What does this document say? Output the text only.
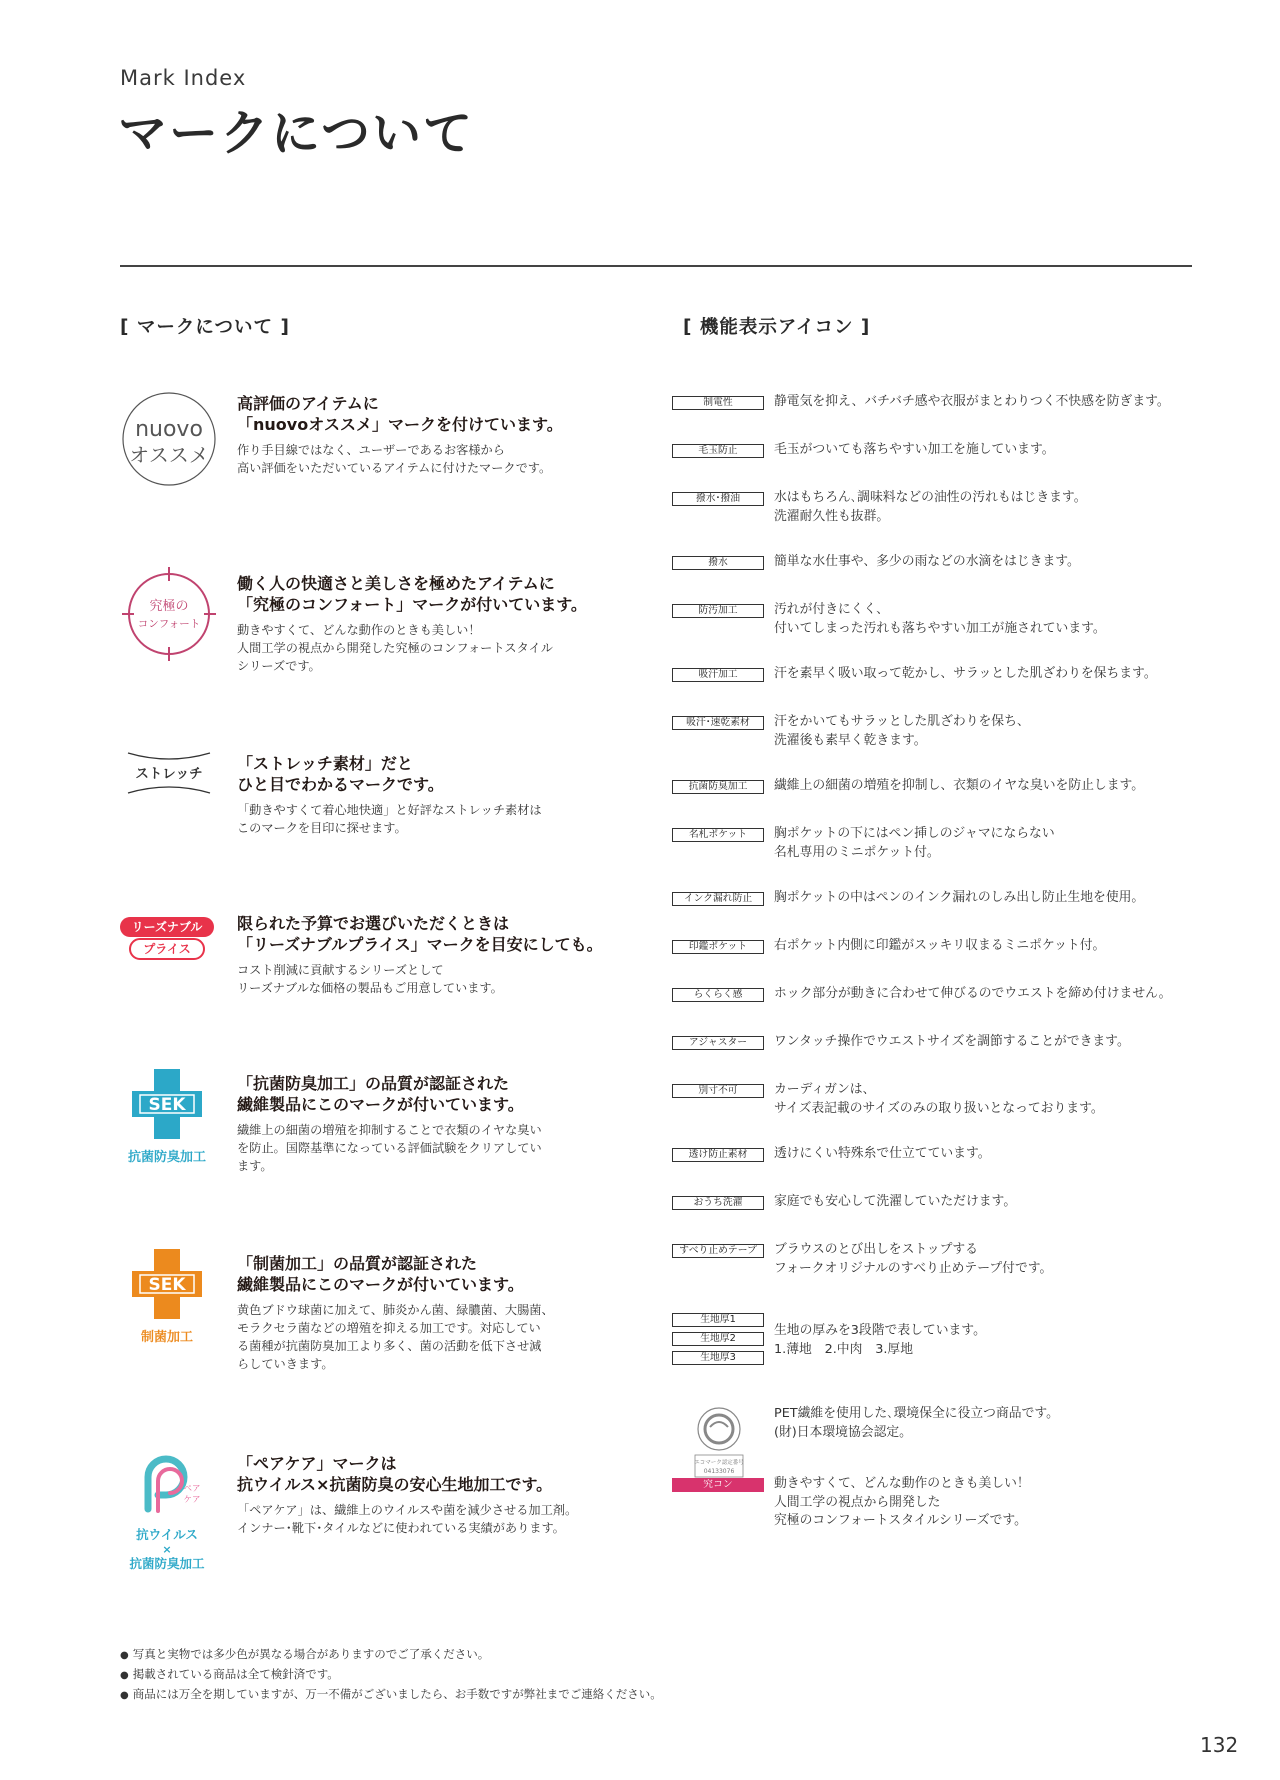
Mark Index
マークについて
[ マークについて ]	[ 機能表示アイコン ]
nuovo
オススメ
高評価のアイテムに
「nuovoオススメ」マークを付けています。
作り手目線ではなく、ユーザーであるお客様から
高い評価をいただいているアイテムに付けたマークです。
究極の
コンフォート
働く人の快適さと美しさを極めたアイテムに
「究極のコンフォート」マークが付いています。
動きやすくて、どんな動作のときも美しい！
人間工学の視点から開発した究極のコンフォートスタイル
シリーズです。
ストレッチ
「ストレッチ素材」だと
ひと目でわかるマークです。
「動きやすくて着心地快適」と好評なストレッチ素材は
このマークを目印に探せます。
リーズナブル
プライス
限られた予算でお選びいただくときは
「リーズナブルプライス」マークを目安にしても。
コスト削減に貢献するシリーズとして
リーズナブルな価格の製品もご用意しています。
SEK
抗菌防臭加工
「抗菌防臭加工」の品質が認証された
繊維製品にこのマークが付いています。
繊維上の細菌の増殖を抑制することで衣類のイヤな臭い
を防止。国際基準になっている評価試験をクリアしてい
ます。
SEK
制菌加工
「制菌加工」の品質が認証された
繊維製品にこのマークが付いています。
黄色ブドウ球菌に加えて、肺炎かん菌、緑膿菌、大腸菌、
モラクセラ菌などの増殖を抑える加工です。対応してい
る菌種が抗菌防臭加工より多く、菌の活動を低下させ減
らしていきます。
ペア
ケア
抗ウイルス
×
抗菌防臭加工
「ペアケア」マークは
抗ウイルス×抗菌防臭の安心生地加工です。
「ペアケア」は、繊維上のウイルスや菌を減少させる加工剤。
インナー･靴下･タイルなどに使われている実績があります。
制電性	静電気を抑え、バチバチ感や衣服がまとわりつく不快感を防ぎます。
毛玉防止	毛玉がついても落ちやすい加工を施しています。
撥水･撥油	水はもちろん､調味料などの油性の汚れもはじきます。
洗濯耐久性も抜群。
撥水	簡単な水仕事や、多少の雨などの水滴をはじきます。
防汚加工	汚れが付きにくく、
付いてしまった汚れも落ちやすい加工が施されています。
吸汗加工	汗を素早く吸い取って乾かし、サラッとした肌ざわりを保ちます。
吸汗･速乾素材	汗をかいてもサラッとした肌ざわりを保ち、
洗濯後も素早く乾きます。
抗菌防臭加工	繊維上の細菌の増殖を抑制し、衣類のイヤな臭いを防止します。
名札ポケット	胸ポケットの下にはペン挿しのジャマにならない
名札専用のミニポケット付。
インク漏れ防止	胸ポケットの中はペンのインク漏れのしみ出し防止生地を使用。
印鑑ポケット	右ポケット内側に印鑑がスッキリ収まるミニポケット付。
らくらく感	ホック部分が動きに合わせて伸びるのでウエストを締め付けません。
アジャスター	ワンタッチ操作でウエストサイズを調節することができます。
別寸不可	カーディガンは、
サイズ表記載のサイズのみの取り扱いとなっております。
透け防止素材	透けにくい特殊糸で仕立てています。
おうち洗濯	家庭でも安心して洗濯していただけます。
すべり止めテープ	ブラウスのとび出しをストップする
フォークオリジナルのすべり止めテープ付です。
生地厚1
生地厚2
生地厚3
生地の厚みを3段階で表しています。
1.薄地　2.中肉　3.厚地
エコマーク認定番号
04133076
PET繊維を使用した､環境保全に役立つ商品です。
(財)日本環境協会認定。
究コン	動きやすくて、どんな動作のときも美しい！
人間工学の視点から開発した
究極のコンフォートスタイルシリーズです。
● 写真と実物では多少色が異なる場合がありますのでご了承ください。
● 掲載されている商品は全て検針済です。
● 商品には万全を期していますが、万一不備がございましたら、お手数ですが弊社までご連絡ください。
132
